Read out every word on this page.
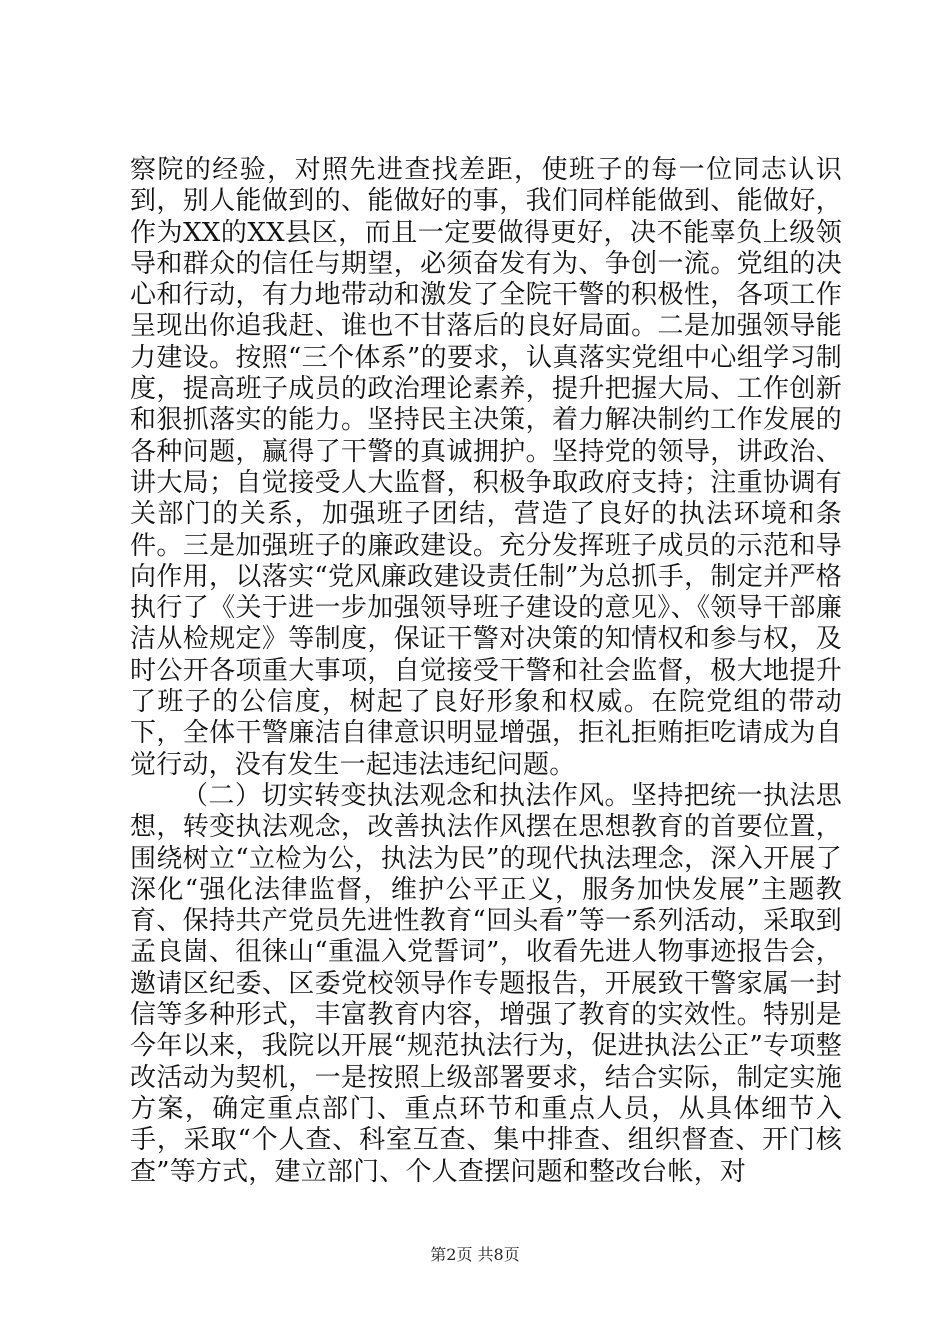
察院的经验，对照先进查找差距，使班子的每一位同志认识到，别人能做到的、能做好的事，我们同样能做到、能做好，作为XX的XX县区，而且一定要做得更好，决不能辜负上级领导和群众的信任与期望，必须奋发有为、争创一流。党组的决心和行动，有力地带动和激发了全院干警的积极性，各项工作呈现出你追我赶、谁也不甘落后的良好局面。二是加强领导能力建设。按照“三个体系”的要求，认真落实党组中心组学习制度，提高班子成员的政治理论素养，提升把握大局、工作创新和狠抓落实的能力。坚持民主决策，着力解决制约工作发展的各种问题，赢得了干警的真诚拥护。坚持党的领导，讲政治、讲大局；自觉接受人大监督，积极争取政府支持；注重协调有关部门的关系，加强班子团结，营造了良好的执法环境和条件。三是加强班子的廉政建设。充分发挥班子成员的示范和导向作用，以落实“党风廉政建设责任制”为总抓手，制定并严格执行了《关于进一步加强领导班子建设的意见》、《领导干部廉洁从检规定》等制度，保证干警对决策的知情权和参与权，及时公开各项重大事项，自觉接受干警和社会监督，极大地提升了班子的公信度，树起了良好形象和权威。在院党组的带动下，全体干警廉洁自律意识明显增强，拒礼拒贿拒吃请成为自觉行动，没有发生一起违法违纪问题。

（二）切实转变执法观念和执法作风。坚持把统一执法思想，转变执法观念，改善执法作风摆在思想教育的首要位置，围绕树立“立检为公，执法为民”的现代执法理念，深入开展了深化“强化法律监督，维护公平正义，服务加快发展”主题教育、保持共产党员先进性教育“回头看”等一系列活动，采取到孟良崮、徂徕山“重温入党誓词”，收看先进人物事迹报告会，邀请区纪委、区委党校领导作专题报告，开展致干警家属一封信等多种形式，丰富教育内容，增强了教育的实效性。特别是今年以来，我院以开展“规范执法行为，促进执法公正”专项整改活动为契机，一是按照上级部署要求，结合实际，制定实施方案，确定重点部门、重点环节和重点人员，从具体细节入手，采取“个人查、科室互查、集中排查、组织督查、开门核查”等方式，建立部门、个人查摆问题和整改台帐，对

第2页 共8页
